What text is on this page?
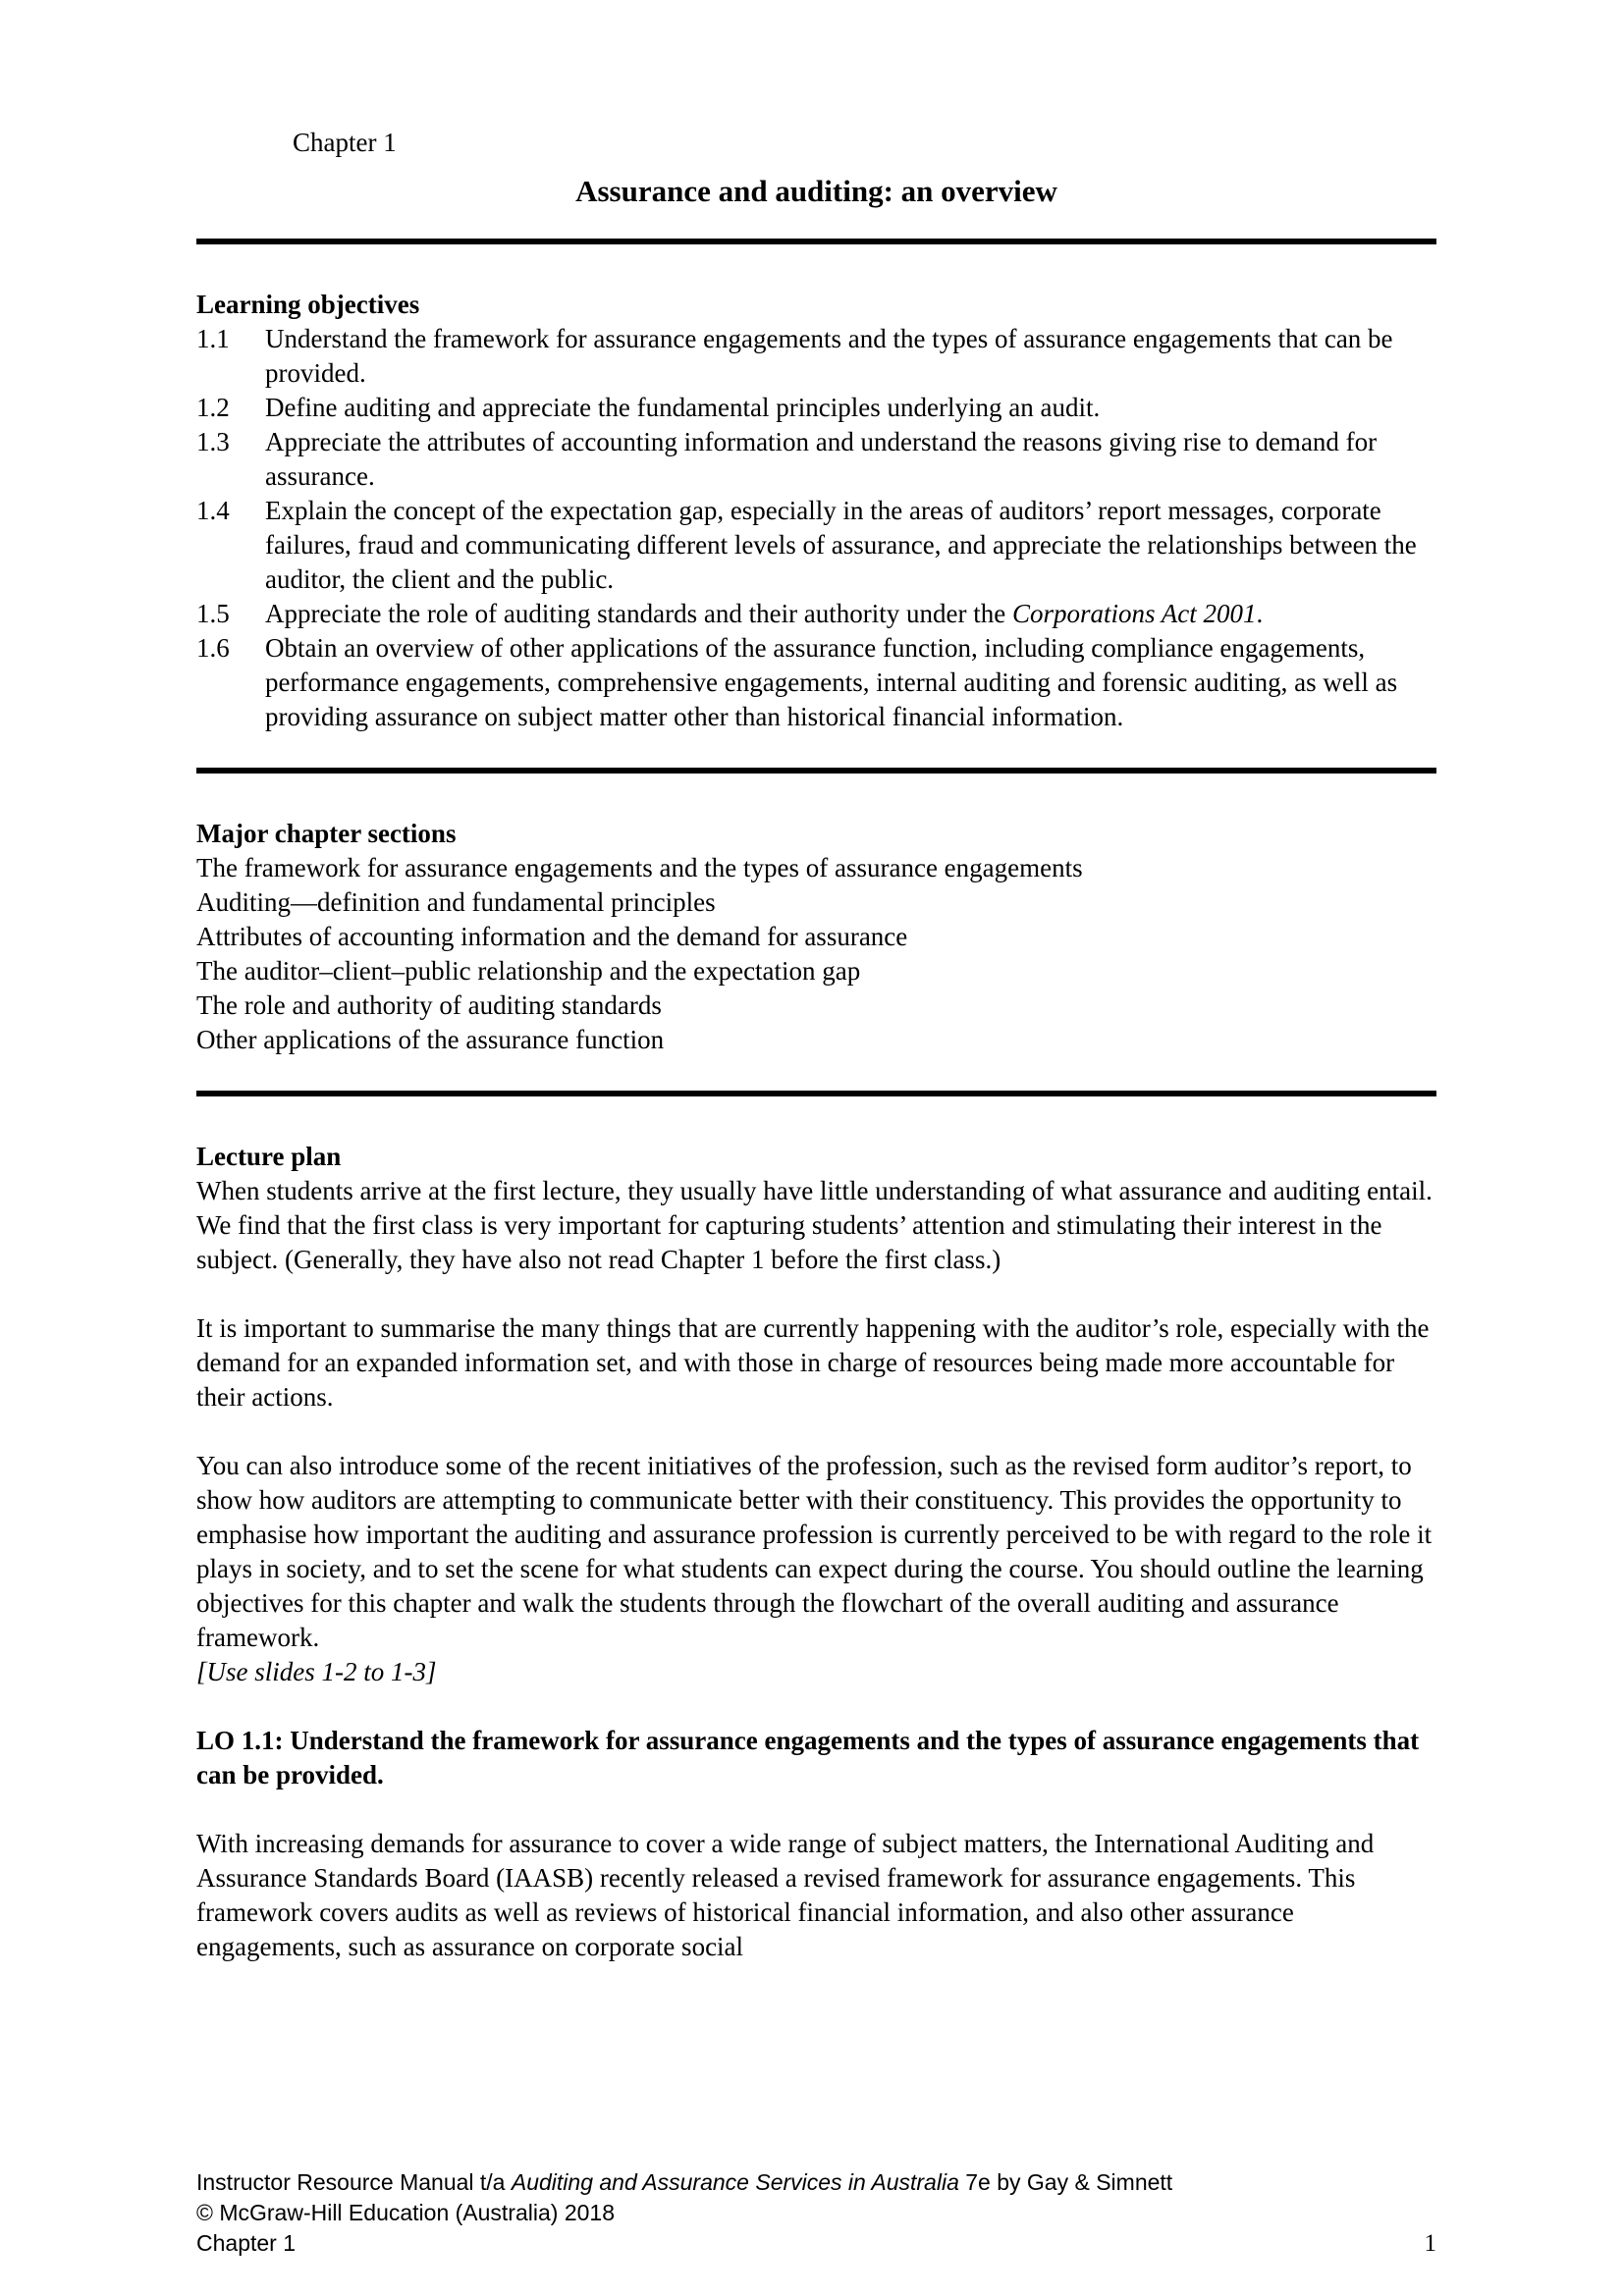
Chapter 1
Assurance and auditing: an overview
Learning objectives
1.1 Understand the framework for assurance engagements and the types of assurance engagements that can be provided.
1.2 Define auditing and appreciate the fundamental principles underlying an audit.
1.3 Appreciate the attributes of accounting information and understand the reasons giving rise to demand for assurance.
1.4 Explain the concept of the expectation gap, especially in the areas of auditors’ report messages, corporate failures, fraud and communicating different levels of assurance, and appreciate the relationships between the auditor, the client and the public.
1.5 Appreciate the role of auditing standards and their authority under the Corporations Act 2001.
1.6 Obtain an overview of other applications of the assurance function, including compliance engagements, performance engagements, comprehensive engagements, internal auditing and forensic auditing, as well as providing assurance on subject matter other than historical financial information.
Major chapter sections
The framework for assurance engagements and the types of assurance engagements
Auditing—definition and fundamental principles
Attributes of accounting information and the demand for assurance
The auditor–client–public relationship and the expectation gap
The role and authority of auditing standards
Other applications of the assurance function
Lecture plan
When students arrive at the first lecture, they usually have little understanding of what assurance and auditing entail. We find that the first class is very important for capturing students’ attention and stimulating their interest in the subject. (Generally, they have also not read Chapter 1 before the first class.)
It is important to summarise the many things that are currently happening with the auditor’s role, especially with the demand for an expanded information set, and with those in charge of resources being made more accountable for their actions.
You can also introduce some of the recent initiatives of the profession, such as the revised form auditor’s report, to show how auditors are attempting to communicate better with their constituency. This provides the opportunity to emphasise how important the auditing and assurance profession is currently perceived to be with regard to the role it plays in society, and to set the scene for what students can expect during the course. You should outline the learning objectives for this chapter and walk the students through the flowchart of the overall auditing and assurance framework.
[Use slides 1-2 to 1-3]
LO 1.1: Understand the framework for assurance engagements and the types of assurance engagements that can be provided.
With increasing demands for assurance to cover a wide range of subject matters, the International Auditing and Assurance Standards Board (IAASB) recently released a revised framework for assurance engagements. This framework covers audits as well as reviews of historical financial information, and also other assurance engagements, such as assurance on corporate social
Instructor Resource Manual t/a Auditing and Assurance Services in Australia 7e by Gay & Simnett
© McGraw-Hill Education (Australia) 2018
Chapter 1	1
